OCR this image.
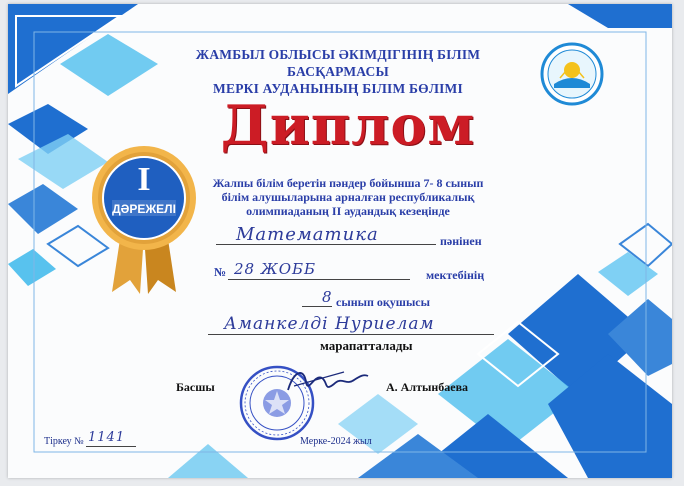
ЖАМБЫЛ ОБЛЫСЫ ӘКІМДІГІНІҢ БІЛІМ БАСҚАРМАСЫ
МЕРКІ АУДАНЫНЫҢ БІЛІМ БӨЛІМІ
Диплом
I
ДӘРЕЖЕЛІ
Жалпы білім беретін пәндер бойынша 7- 8 сынып
білім алушыларына арналған республикалық
олимпиаданың ІІ аудандық кезеңінде
Математика	пәнінен
№ 28 ЖОББ	мектебінің
8 сынып оқушысы
Аманкелді Нуриелам
марапатталады
Басшы	А. Алтынбаева
Тіркеу № 1141	Мерке-2024 жыл
